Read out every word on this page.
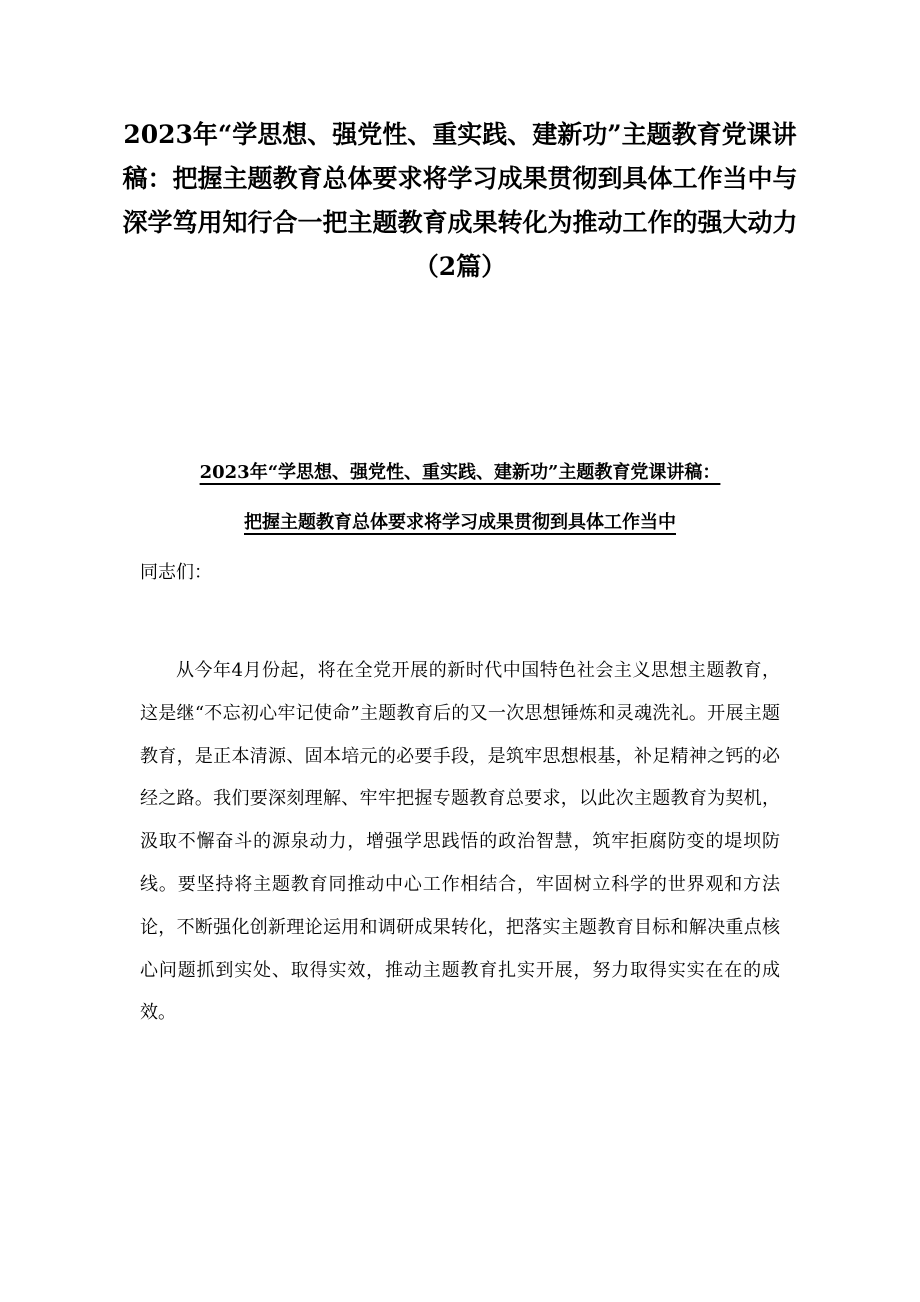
2023年“学思想、强党性、重实践、建新功”主题教育党课讲稿：把握主题教育总体要求将学习成果贯彻到具体工作当中与深学笃用知行合一把主题教育成果转化为推动工作的强大动力（2篇）

2023年“学思想、强党性、重实践、建新功”主题教育党课讲稿：

把握主题教育总体要求将学习成果贯彻到具体工作当中

同志们：

从今年4月份起，将在全党开展的新时代中国特色社会主义思想主题教育，这是继“不忘初心牢记使命”主题教育后的又一次思想锤炼和灵魂洗礼。开展主题教育，是正本清源、固本培元的必要手段，是筑牢思想根基，补足精神之钙的必经之路。我们要深刻理解、牢牢把握专题教育总要求，以此次主题教育为契机，汲取不懈奋斗的源泉动力，增强学思践悟的政治智慧，筑牢拒腐防变的堤坝防线。要坚持将主题教育同推动中心工作相结合，牢固树立科学的世界观和方法论，不断强化创新理论运用和调研成果转化，把落实主题教育目标和解决重点核心问题抓到实处、取得实效，推动主题教育扎实开展，努力取得实实在在的成效。
